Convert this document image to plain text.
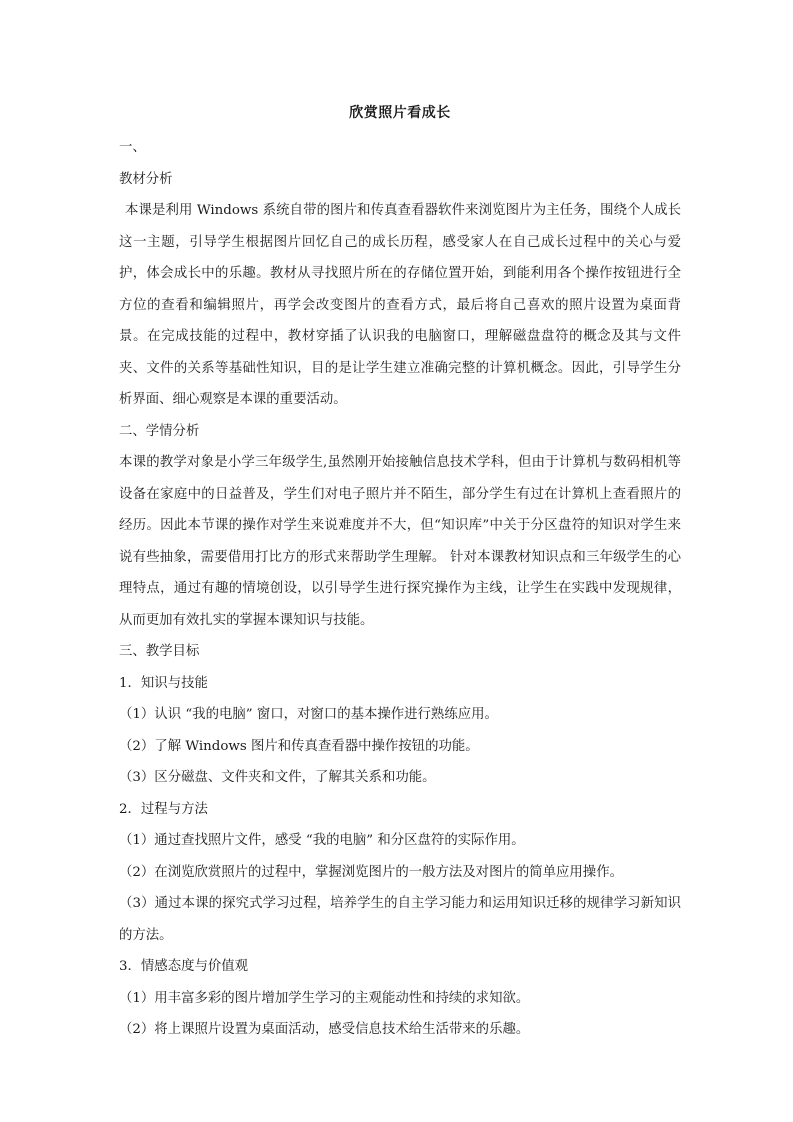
欣赏照片看成长

一、

教材分析

本课是利用 Windows 系统自带的图片和传真查看器软件来浏览图片为主任务，围绕个人成长这一主题，引导学生根据图片回忆自己的成长历程，感受家人在自己成长过程中的关心与爱护，体会成长中的乐趣。教材从寻找照片所在的存储位置开始，到能利用各个操作按钮进行全方位的查看和编辑照片，再学会改变图片的查看方式，最后将自己喜欢的照片设置为桌面背景。在完成技能的过程中，教材穿插了认识我的电脑窗口，理解磁盘盘符的概念及其与文件夹、文件的关系等基础性知识，目的是让学生建立准确完整的计算机概念。因此，引导学生分析界面、细心观察是本课的重要活动。

二、学情分析

本课的教学对象是小学三年级学生,虽然刚开始接触信息技术学科，但由于计算机与数码相机等设备在家庭中的日益普及，学生们对电子照片并不陌生，部分学生有过在计算机上查看照片的经历。因此本节课的操作对学生来说难度并不大，但“知识库”中关于分区盘符的知识对学生来说有些抽象，需要借用打比方的形式来帮助学生理解。 针对本课教材知识点和三年级学生的心理特点，通过有趣的情境创设，以引导学生进行探究操作为主线，让学生在实践中发现规律，从而更加有效扎实的掌握本课知识与技能。

三、教学目标

1．知识与技能

（1）认识 “我的电脑” 窗口，对窗口的基本操作进行熟练应用。

（2）了解 Windows 图片和传真查看器中操作按钮的功能。

（3）区分磁盘、文件夹和文件，了解其关系和功能。

2．过程与方法

（1）通过查找照片文件，感受 “我的电脑” 和分区盘符的实际作用。

（2）在浏览欣赏照片的过程中，掌握浏览图片的一般方法及对图片的简单应用操作。

（3）通过本课的探究式学习过程，培养学生的自主学习能力和运用知识迁移的规律学习新知识的方法。

3．情感态度与价值观

（1）用丰富多彩的图片增加学生学习的主观能动性和持续的求知欲。

（2）将上课照片设置为桌面活动，感受信息技术给生活带来的乐趣。
